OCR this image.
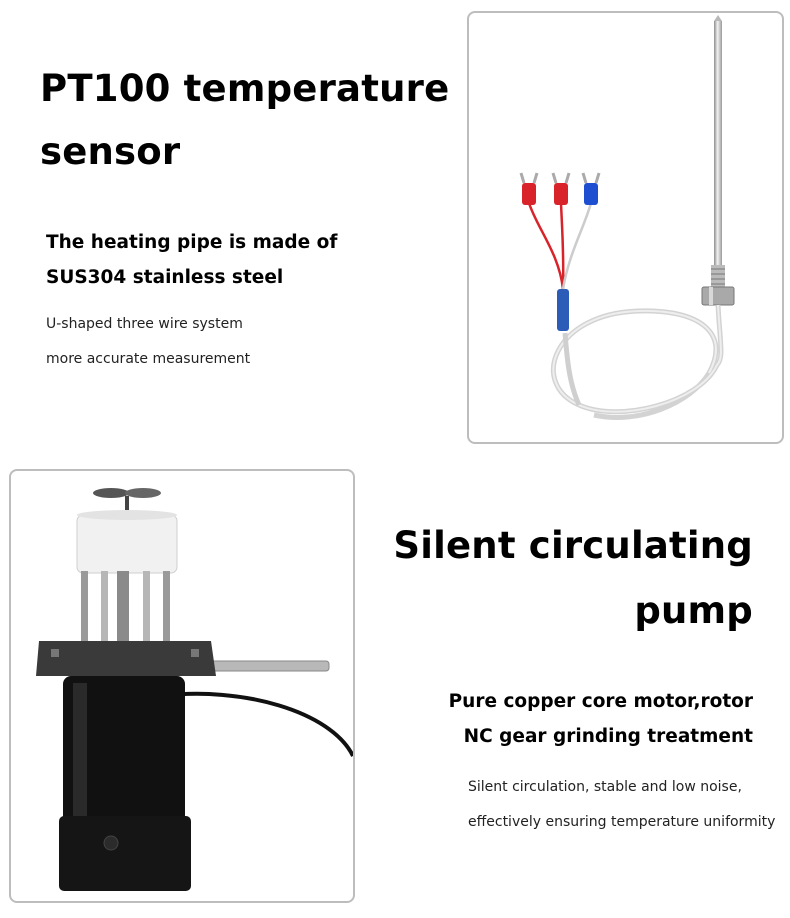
PT100 temperature
sensor
The heating pipe is made of
SUS304 stainless steel
U-shaped three wire system
more accurate measurement
Silent circulating
pump
Pure copper core motor,rotor
NC gear grinding treatment
Silent circulation, stable and low noise,
effectively ensuring temperature uniformity
